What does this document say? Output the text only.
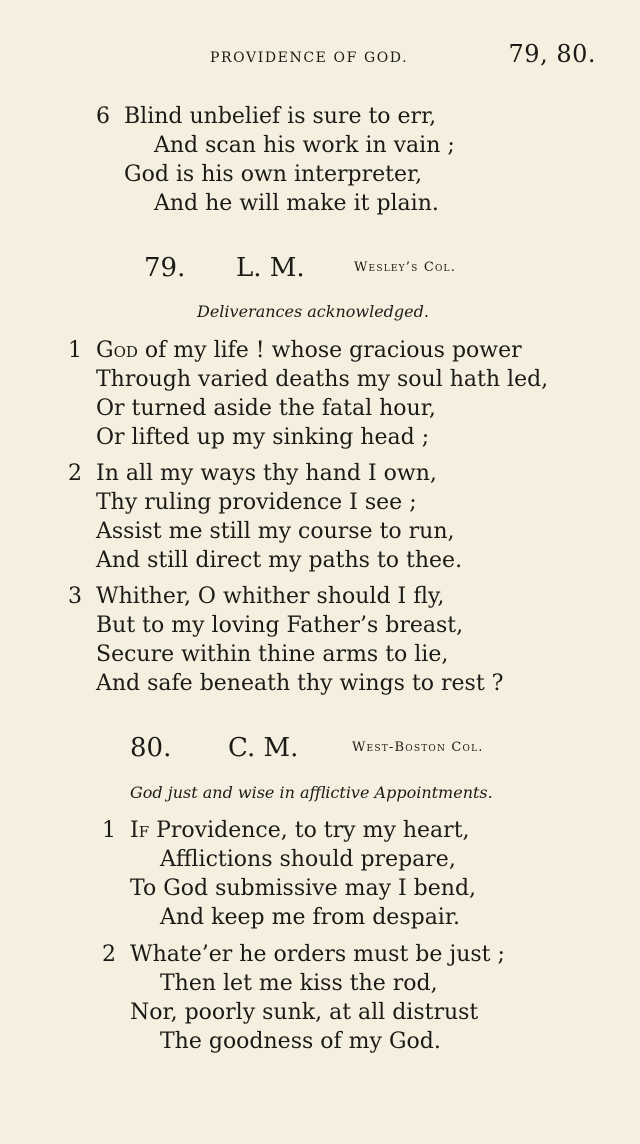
PROVIDENCE OF GOD.	79, 80.
6 Blind unbelief is sure to err,
And scan his work in vain ;
God is his own interpreter,
And he will make it plain.
79. L. M.	Wesley’s Col.
Deliverances acknowledged.
1 God of my life ! whose gracious power
Through varied deaths my soul hath led,
Or turned aside the fatal hour,
Or lifted up my sinking head ;
2 In all my ways thy hand I own,
Thy ruling providence I see ;
Assist me still my course to run,
And still direct my paths to thee.
3 Whither, O whither should I fly,
But to my loving Father’s breast,
Secure within thine arms to lie,
And safe beneath thy wings to rest ?
80. C. M.	West-Boston Col.
God just and wise in afflictive Appointments.
1 If Providence, to try my heart,
Afflictions should prepare,
To God submissive may I bend,
And keep me from despair.
2 Whate’er he orders must be just ;
Then let me kiss the rod,
Nor, poorly sunk, at all distrust
The goodness of my God.
